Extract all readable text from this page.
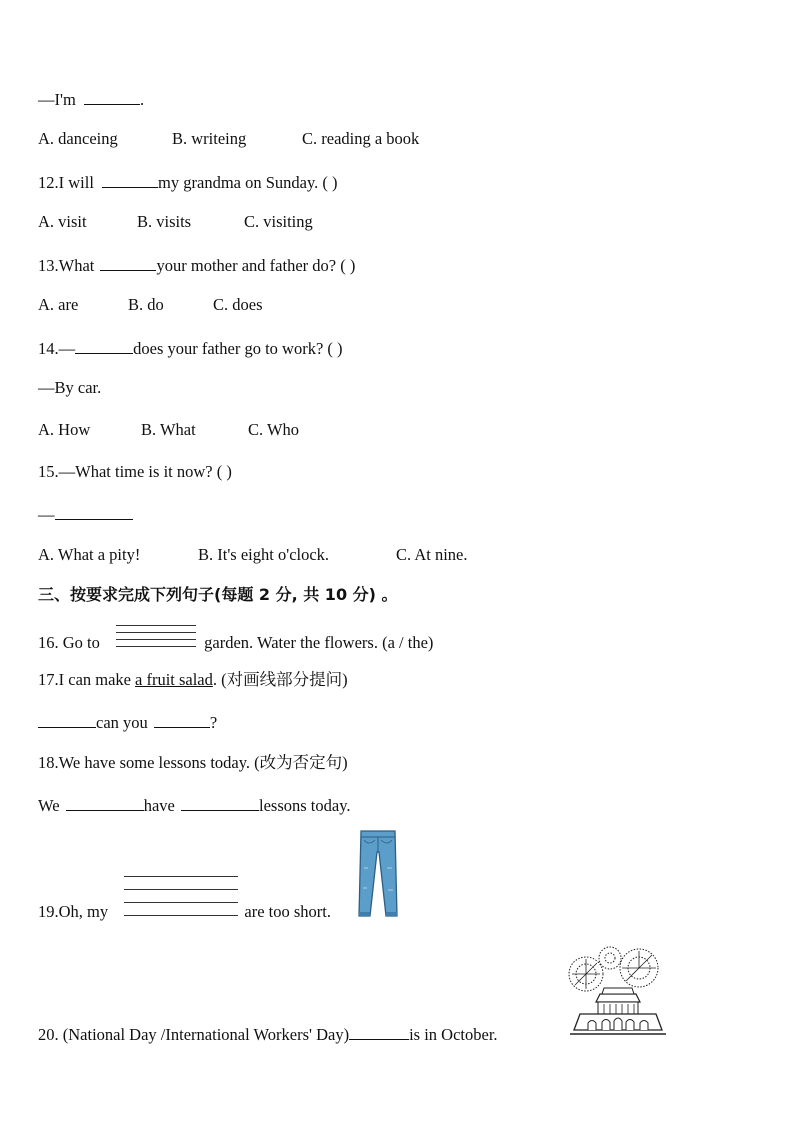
—I'm	.
A. danceing	B. writeing	C. reading a book
12.I will	my grandma on Sunday. ( )
A. visit	B. visits	C. visiting
13.What	your mother and father do? ( )
A. are	B. do	C. does
14.—	does your father go to work? ( )
—By car.
A. How	B. What	C. Who
15.—What time is it now? ( )
—
A. What a pity!	B. It's eight o'clock.	C. At nine.
三、按要求完成下列句子(每题 2 分, 共 10 分) 。
16. Go to	garden. Water the flowers. (a / the)
17.I can make a fruit salad. (对画线部分提问)
can you	?
18.We have some lessons today. (改为否定句)
We	have	lessons today.
19.Oh, my	are too short.
20. (National Day /International Workers' Day)	is in October.
